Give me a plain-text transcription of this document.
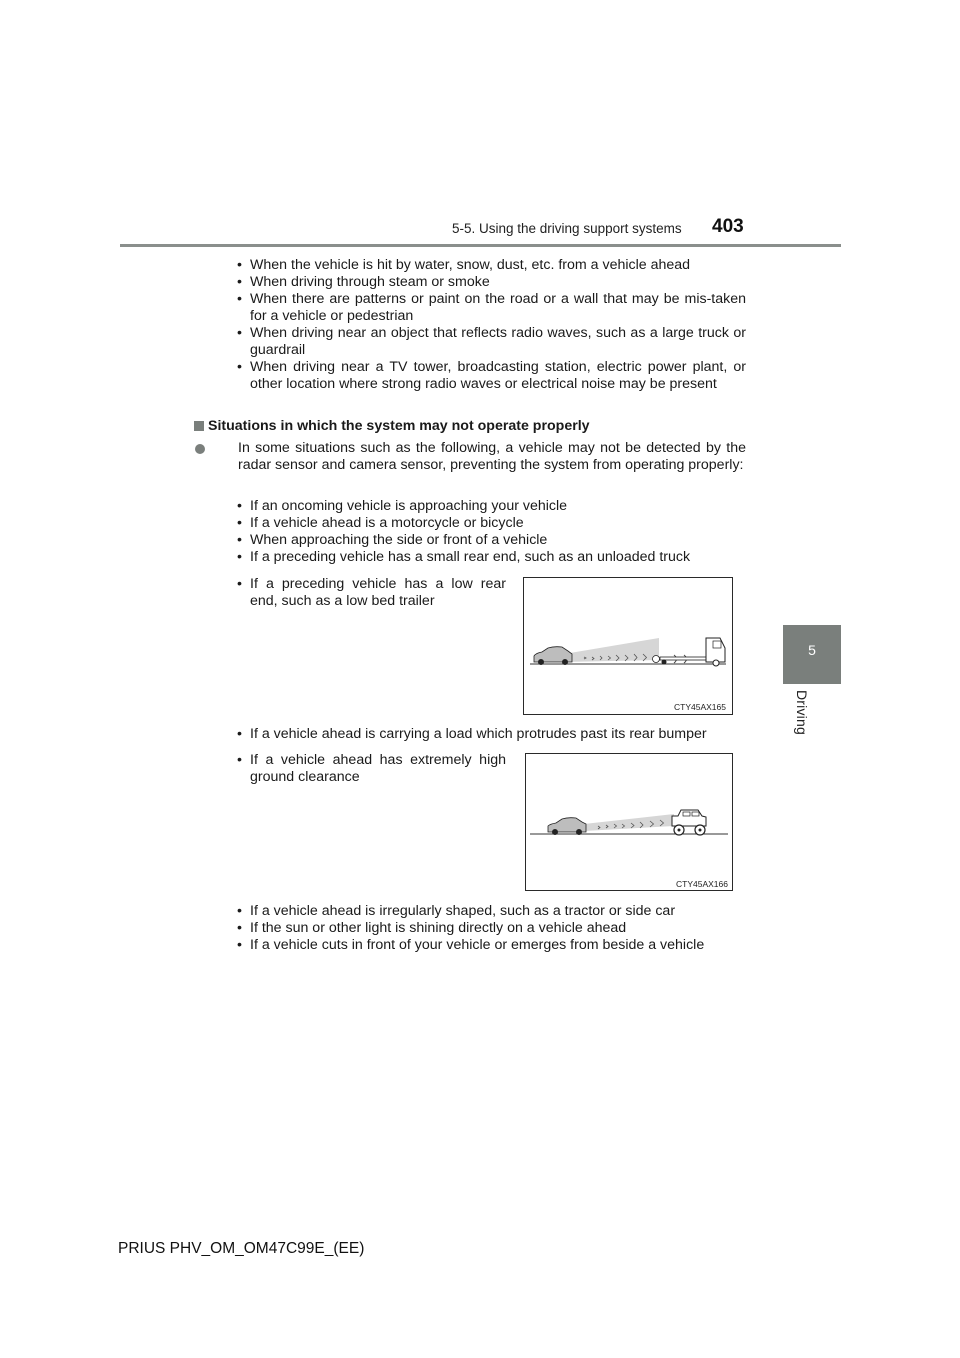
5-5. Using the driving support systems 403
5
Driving
• When the vehicle is hit by water, snow, dust, etc. from a vehicle ahead
• When driving through steam or smoke
• When there are patterns or paint on the road or a wall that may be mis-taken for a vehicle or pedestrian
• When driving near an object that reflects radio waves, such as a large truck or guardrail
• When driving near a TV tower, broadcasting station, electric power plant, or other location where strong radio waves or electrical noise may be present
Situations in which the system may not operate properly
In some situations such as the following, a vehicle may not be detected by the radar sensor and camera sensor, preventing the system from operating properly:
• If an oncoming vehicle is approaching your vehicle
• If a vehicle ahead is a motorcycle or bicycle
• When approaching the side or front of a vehicle
• If a preceding vehicle has a small rear end, such as an unloaded truck
• If a preceding vehicle has a low rear end, such as a low bed trailer
CTY45AX165
• If a vehicle ahead is carrying a load which protrudes past its rear bumper
• If a vehicle ahead has extremely high ground clearance
CTY45AX166
• If a vehicle ahead is irregularly shaped, such as a tractor or side car
• If the sun or other light is shining directly on a vehicle ahead
• If a vehicle cuts in front of your vehicle or emerges from beside a vehicle
PRIUS PHV_OM_OM47C99E_(EE)
